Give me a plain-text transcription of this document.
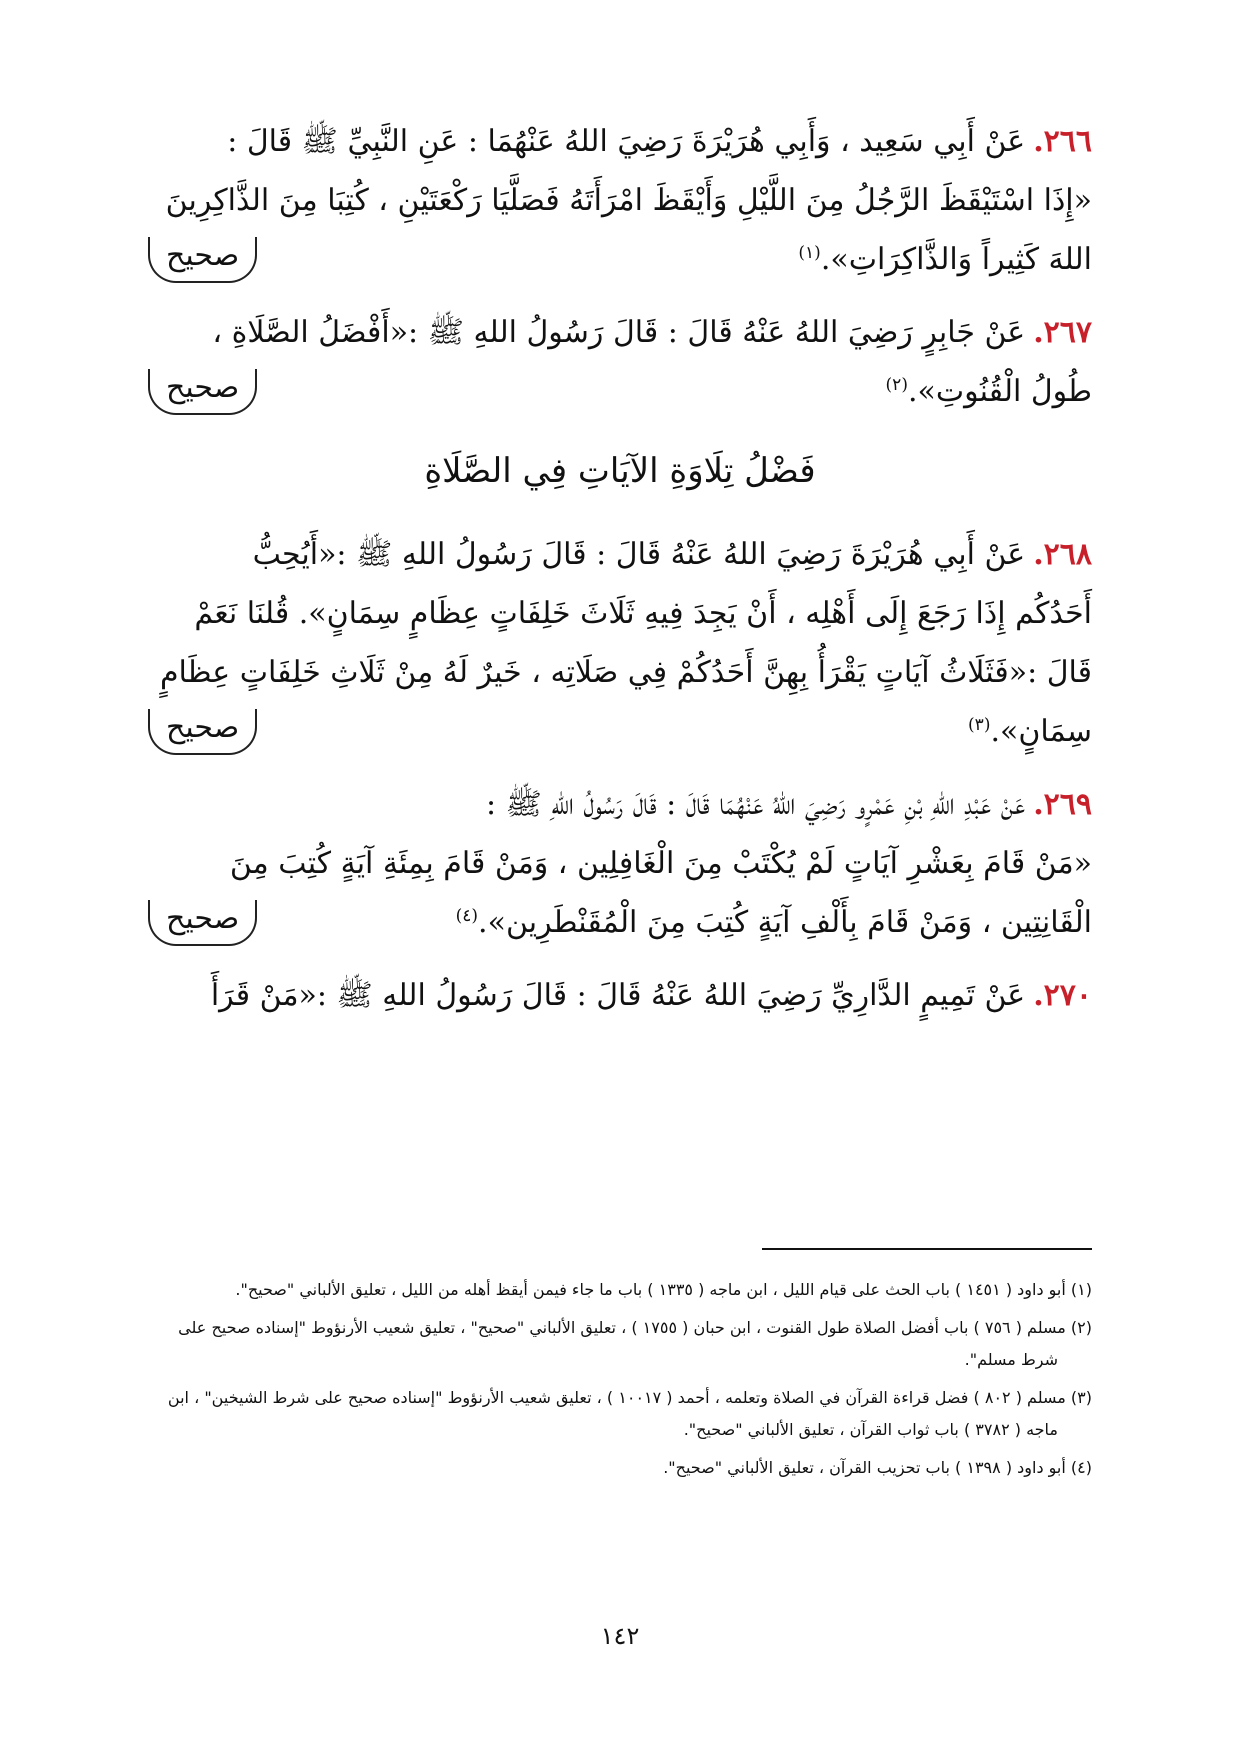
٢٦٦.عَنْ أَبِي سَعِيد ، وَأَبِي هُرَيْرَةَ رَضِيَ اللهُ عَنْهُمَا : عَنِ النَّبِيِّ ﷺ قَالَ :
«إِذَا اسْتَيْقَظَ الرَّجُلُ مِنَ اللَّيْلِ وَأَيْقَظَ امْرَأَتَهُ فَصَلَّيَا رَكْعَتَيْنِ ، كُتِبَا مِنَ الذَّاكِرِينَ
اللهَ كَثِيراً وَالذَّاكِرَاتِ».$^{(١)}$
صحيح
٢٦٧.عَنْ جَابِرٍ رَضِيَ اللهُ عَنْهُ قَالَ : قَالَ رَسُولُ اللهِ ﷺ :«أَفْضَلُ الصَّلَاةِ ،
طُولُ الْقُنُوتِ».$^{(٢)}$
صحيح
فَضْلُ تِلَاوَةِ الآيَاتِ فِي الصَّلَاةِ
٢٦٨.عَنْ أَبِي هُرَيْرَةَ رَضِيَ اللهُ عَنْهُ قَالَ : قَالَ رَسُولُ اللهِ ﷺ :«أَيُحِبُّ
أَحَدُكُم إِذَا رَجَعَ إِلَى أَهْلِه ، أَنْ يَجِدَ فِيهِ ثَلَاثَ خَلِفَاتٍ عِظَامٍ سِمَانٍ». قُلنَا نَعَمْ
قَالَ :«فَثَلَاثُ آيَاتٍ يَقْرَأُ بِهِنَّ أَحَدُكُمْ فِي صَلَاتِه ، خَيرٌ لَهُ مِنْ ثَلَاثِ خَلِفَاتٍ عِظَامٍ
سِمَانٍ».$^{(٣)}$
صحيح
٢٦٩.عَنْ عَبْدِ اللهِ بْنِ عَمْرٍو رَضِيَ اللهُ عَنْهُمَا قَالَ : قَالَ رَسُولُ اللهِ ﷺ :
«مَنْ قَامَ بِعَشْرِ آيَاتٍ لَمْ يُكْتَبْ مِنَ الْغَافِلِين ، وَمَنْ قَامَ بِمِئَةِ آيَةٍ كُتِبَ مِنَ
الْقَانِتِين ، وَمَنْ قَامَ بِأَلْفِ آيَةٍ كُتِبَ مِنَ الْمُقَنْطَرِين».$^{(٤)}$
صحيح
٢٧٠.عَنْ تَمِيمٍ الدَّارِيِّ رَضِيَ اللهُ عَنْهُ قَالَ : قَالَ رَسُولُ اللهِ ﷺ :«مَنْ قَرَأَ
(١) أبو داود ( ١٤٥١ ) باب الحث على قيام الليل ، ابن ماجه ( ١٣٣٥ ) باب ما جاء فيمن أيقظ أهله من الليل ، تعليق الألباني "صحيح".
(٢) مسلم ( ٧٥٦ ) باب أفضل الصلاة طول القنوت ، ابن حبان ( ١٧٥٥ ) ، تعليق الألباني "صحيح" ، تعليق شعيب الأرنؤوط "إسناده صحيح على شرط مسلم".
(٣) مسلم ( ٨٠٢ ) فضل قراءة القرآن في الصلاة وتعلمه ، أحمد ( ١٠٠١٧ ) ، تعليق شعيب الأرنؤوط "إسناده صحيح على شرط الشيخين" ، ابن ماجه ( ٣٧٨٢ ) باب ثواب القرآن ، تعليق الألباني "صحيح".
(٤) أبو داود ( ١٣٩٨ ) باب تحزيب القرآن ، تعليق الألباني "صحيح".
١٤٢
